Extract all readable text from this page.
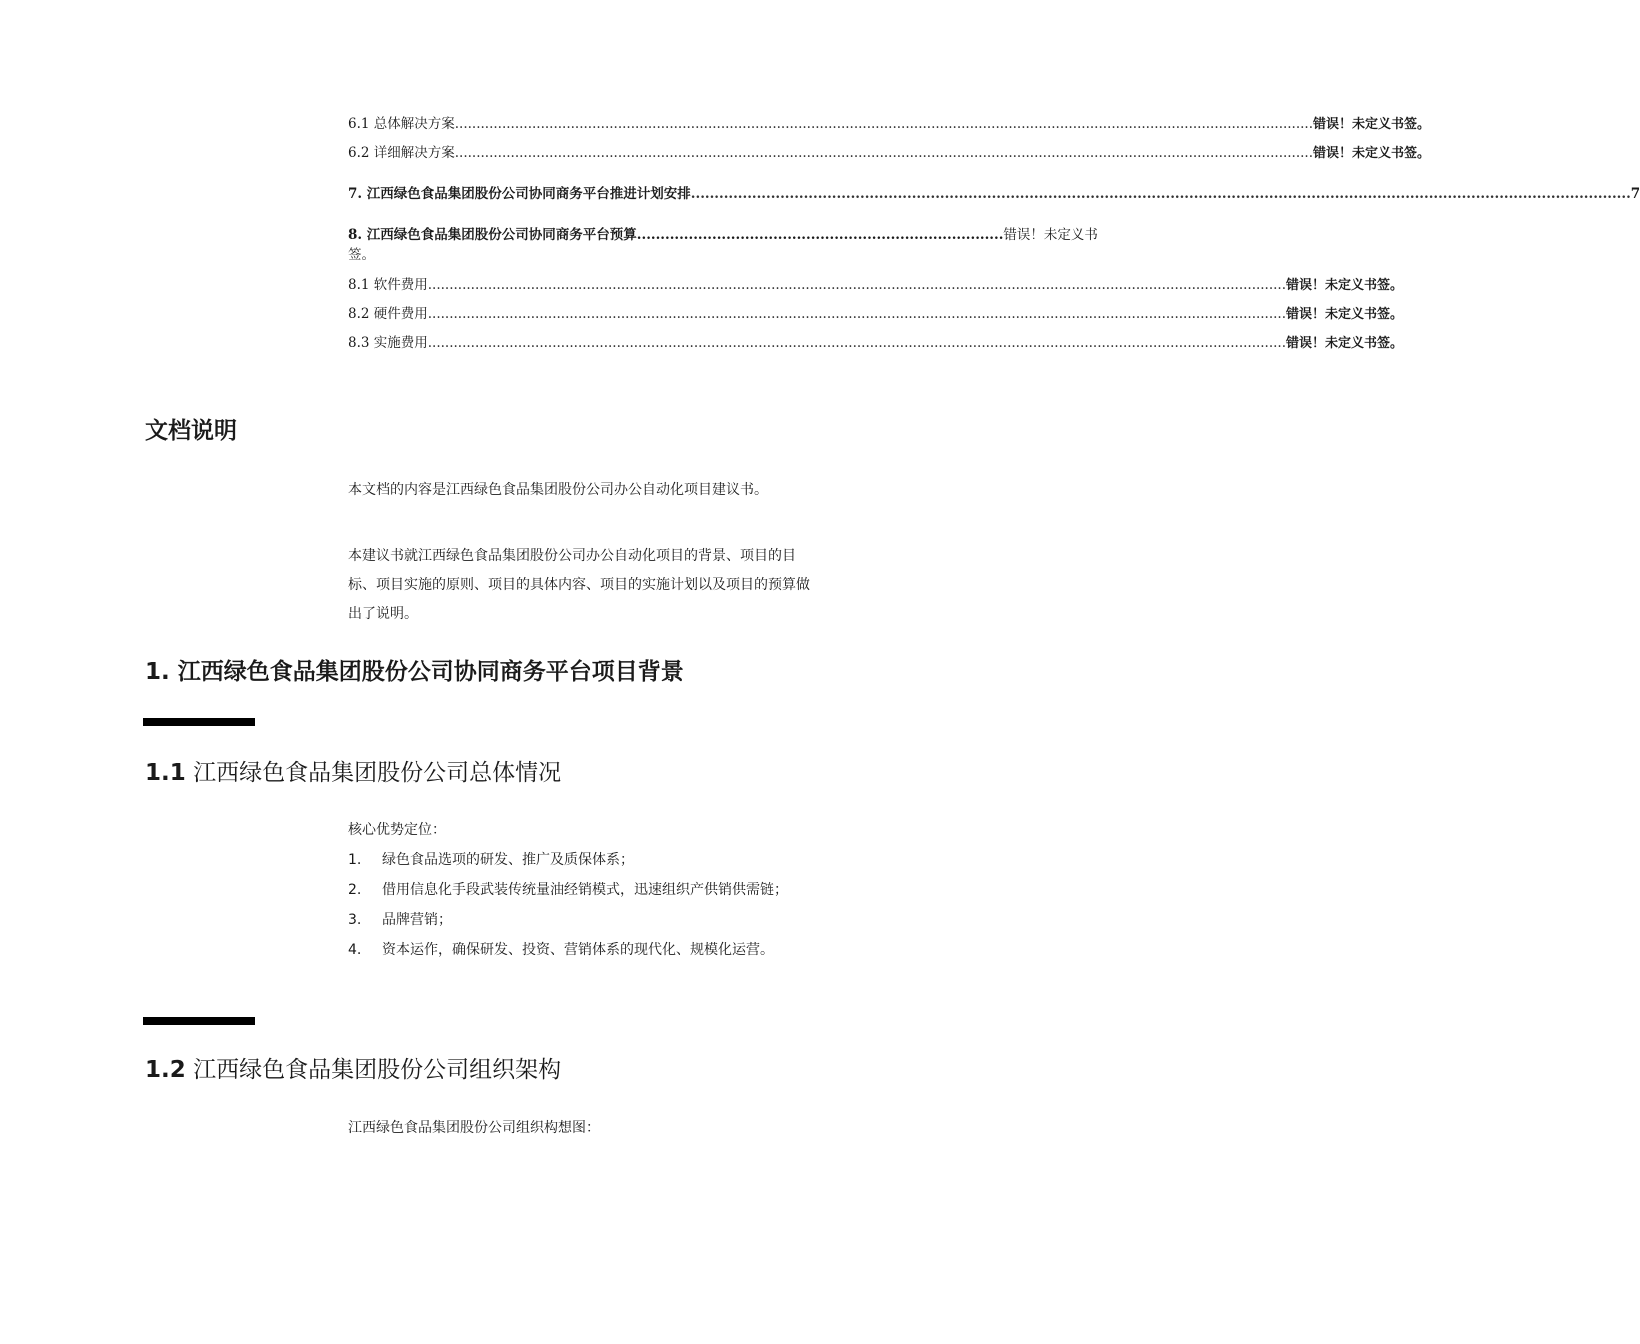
6.1 总体解决方案 .....	错误！未定义书签。
6.2 详细解决方案 .....	错误！未定义书签。
7. 江西绿色食品集团股份公司协同商务平台推进计划安排 .....	7
8. 江西绿色食品集团股份公司协同商务平台预算 .............................................................................. 错误！未定义书
签。
8.1 软件费用 .....	错误！未定义书签。
8.2 硬件费用 .....	错误！未定义书签。
8.3 实施费用 .....	错误！未定义书签。
文档说明

本文档的内容是江西绿色食品集团股份公司办公自动化项目建议书。

本建议书就江西绿色食品集团股份公司办公自动化项目的背景、项目的目标、项目实施的原则、项目的具体内容、项目的实施计划以及项目的预算做出了说明。

1. 江西绿色食品集团股份公司协同商务平台项目背景
1.1 江西绿色食品集团股份公司总体情况

核心优势定位：

1.	绿色食品选项的研发、推广及质保体系；
2.	借用信息化手段武装传统量油经销模式，迅速组织产供销供需链；
3.	品牌营销；
4.	资本运作，确保研发、投资、营销体系的现代化、规模化运营。
1.2 江西绿色食品集团股份公司组织架构

江西绿色食品集团股份公司组织构想图：
